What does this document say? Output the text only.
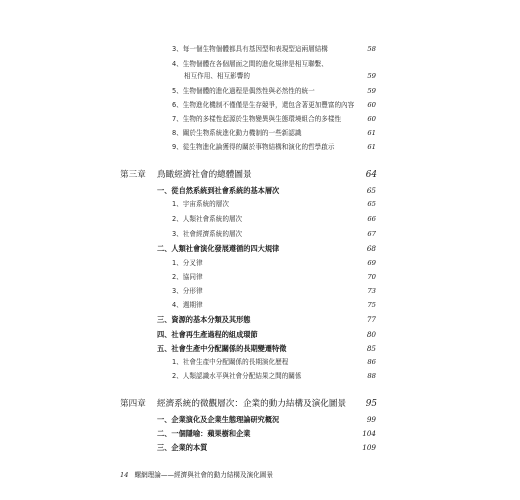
3、每一個生物個體都具有基因型和表現型這兩層結構	58
4、生物個體在各個層面之間的進化規律是相互聯繫、
相互作用、相互影響的	59
5、生物個體的進化過程是偶然性與必然性的統一	59
6、生物進化機制不僅僅是生存競爭，還包含著更加豐富的內容	60
7、生物的多樣性起源於生物變異與生態環境組合的多樣性	60
8、關於生物系統進化動力機制的一些新認識	61
9、從生物進化論獲得的關於事物結構和演化的哲學啟示	61
第三章 鳥瞰經濟社會的總體圖景	64
一、從自然系統到社會系統的基本層次	65
1、宇宙系統的層次	65
2、人類社會系統的層次	66
3、社會經濟系統的層次	67
二、人類社會演化發展遵循的四大規律	68
1、分叉律	69
2、協同律	70
3、分形律	73
4、週期律	75
三、資源的基本分類及其形態	77
四、社會再生產過程的組成環節	80
五、社會生產中分配關係的長期變遷特徵	85
1、社會生產中分配關係的長期演化歷程	86
2、人類認識水平與社會分配結果之間的關係	88
第四章 經濟系統的微觀層次：企業的動力結構及演化圖景	95
一、企業演化及企業生態理論研究概況	99
二、一個隱喻：蘋果樹和企業	104
三、企業的本質	109
14 螺網理論——經濟與社會的動力結構及演化圖景
